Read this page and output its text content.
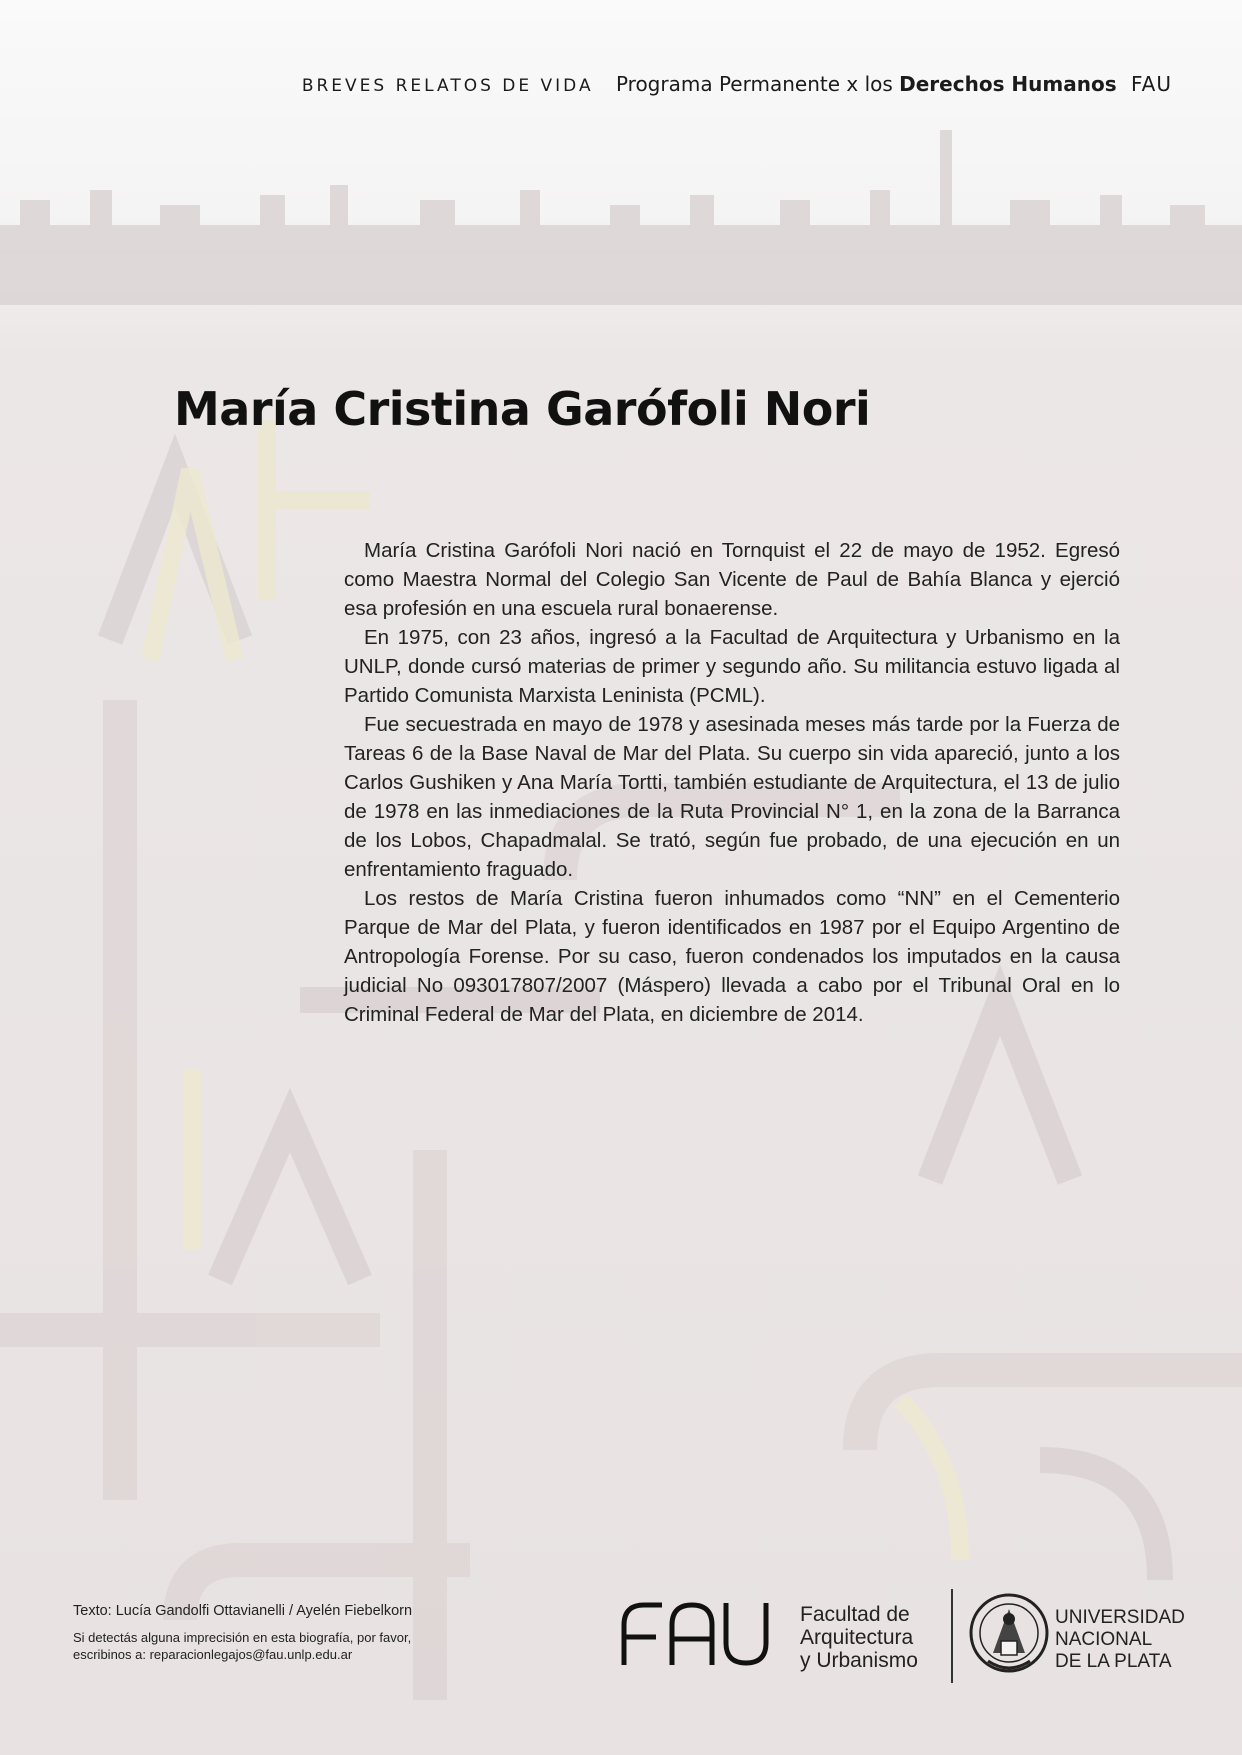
BREVES RELATOS DE VIDA Programa Permanente x los Derechos Humanos FAU
María Cristina Garófoli Nori

María Cristina Garófoli Nori nació en Tornquist el 22 de mayo de 1952. Egresó como Maestra Normal del Colegio San Vicente de Paul de Bahía Blanca y ejerció esa profesión en una escuela rural bonaerense.

En 1975, con 23 años, ingresó a la Facultad de Arquitectura y Urbanismo en la UNLP, donde cursó materias de primer y segundo año. Su militancia estuvo ligada al Partido Comunista Marxista Leninista (PCML).

Fue secuestrada en mayo de 1978 y asesinada meses más tarde por la Fuerza de Tareas 6 de la Base Naval de Mar del Plata. Su cuerpo sin vida apareció, junto a los Carlos Gushiken y Ana María Tortti, también estudiante de Arquitectura, el 13 de julio de 1978 en las inmediaciones de la Ruta Provincial N° 1, en la zona de la Barranca de los Lobos, Chapadmalal. Se trató, según fue probado, de una ejecución en un enfrentamiento fraguado.

Los restos de María Cristina fueron inhumados como “NN” en el Cementerio Parque de Mar del Plata, y fueron identificados en 1987 por el Equipo Argentino de Antropología Forense. Por su caso, fueron condenados los imputados en la causa judicial No 093017807/2007 (Máspero) llevada a cabo por el Tribunal Oral en lo Criminal Federal de Mar del Plata, en diciembre de 2014.

Texto: Lucía Gandolfi Ottavianelli / Ayelén Fiebelkorn
Si detectás alguna imprecisión en esta biografía, por favor,
escribinos a: reparacionlegajos@fau.unlp.edu.ar
FAU
Facultad de
Arquitectura
y Urbanismo
UNIVERSIDAD
NACIONAL
DE LA PLATA
